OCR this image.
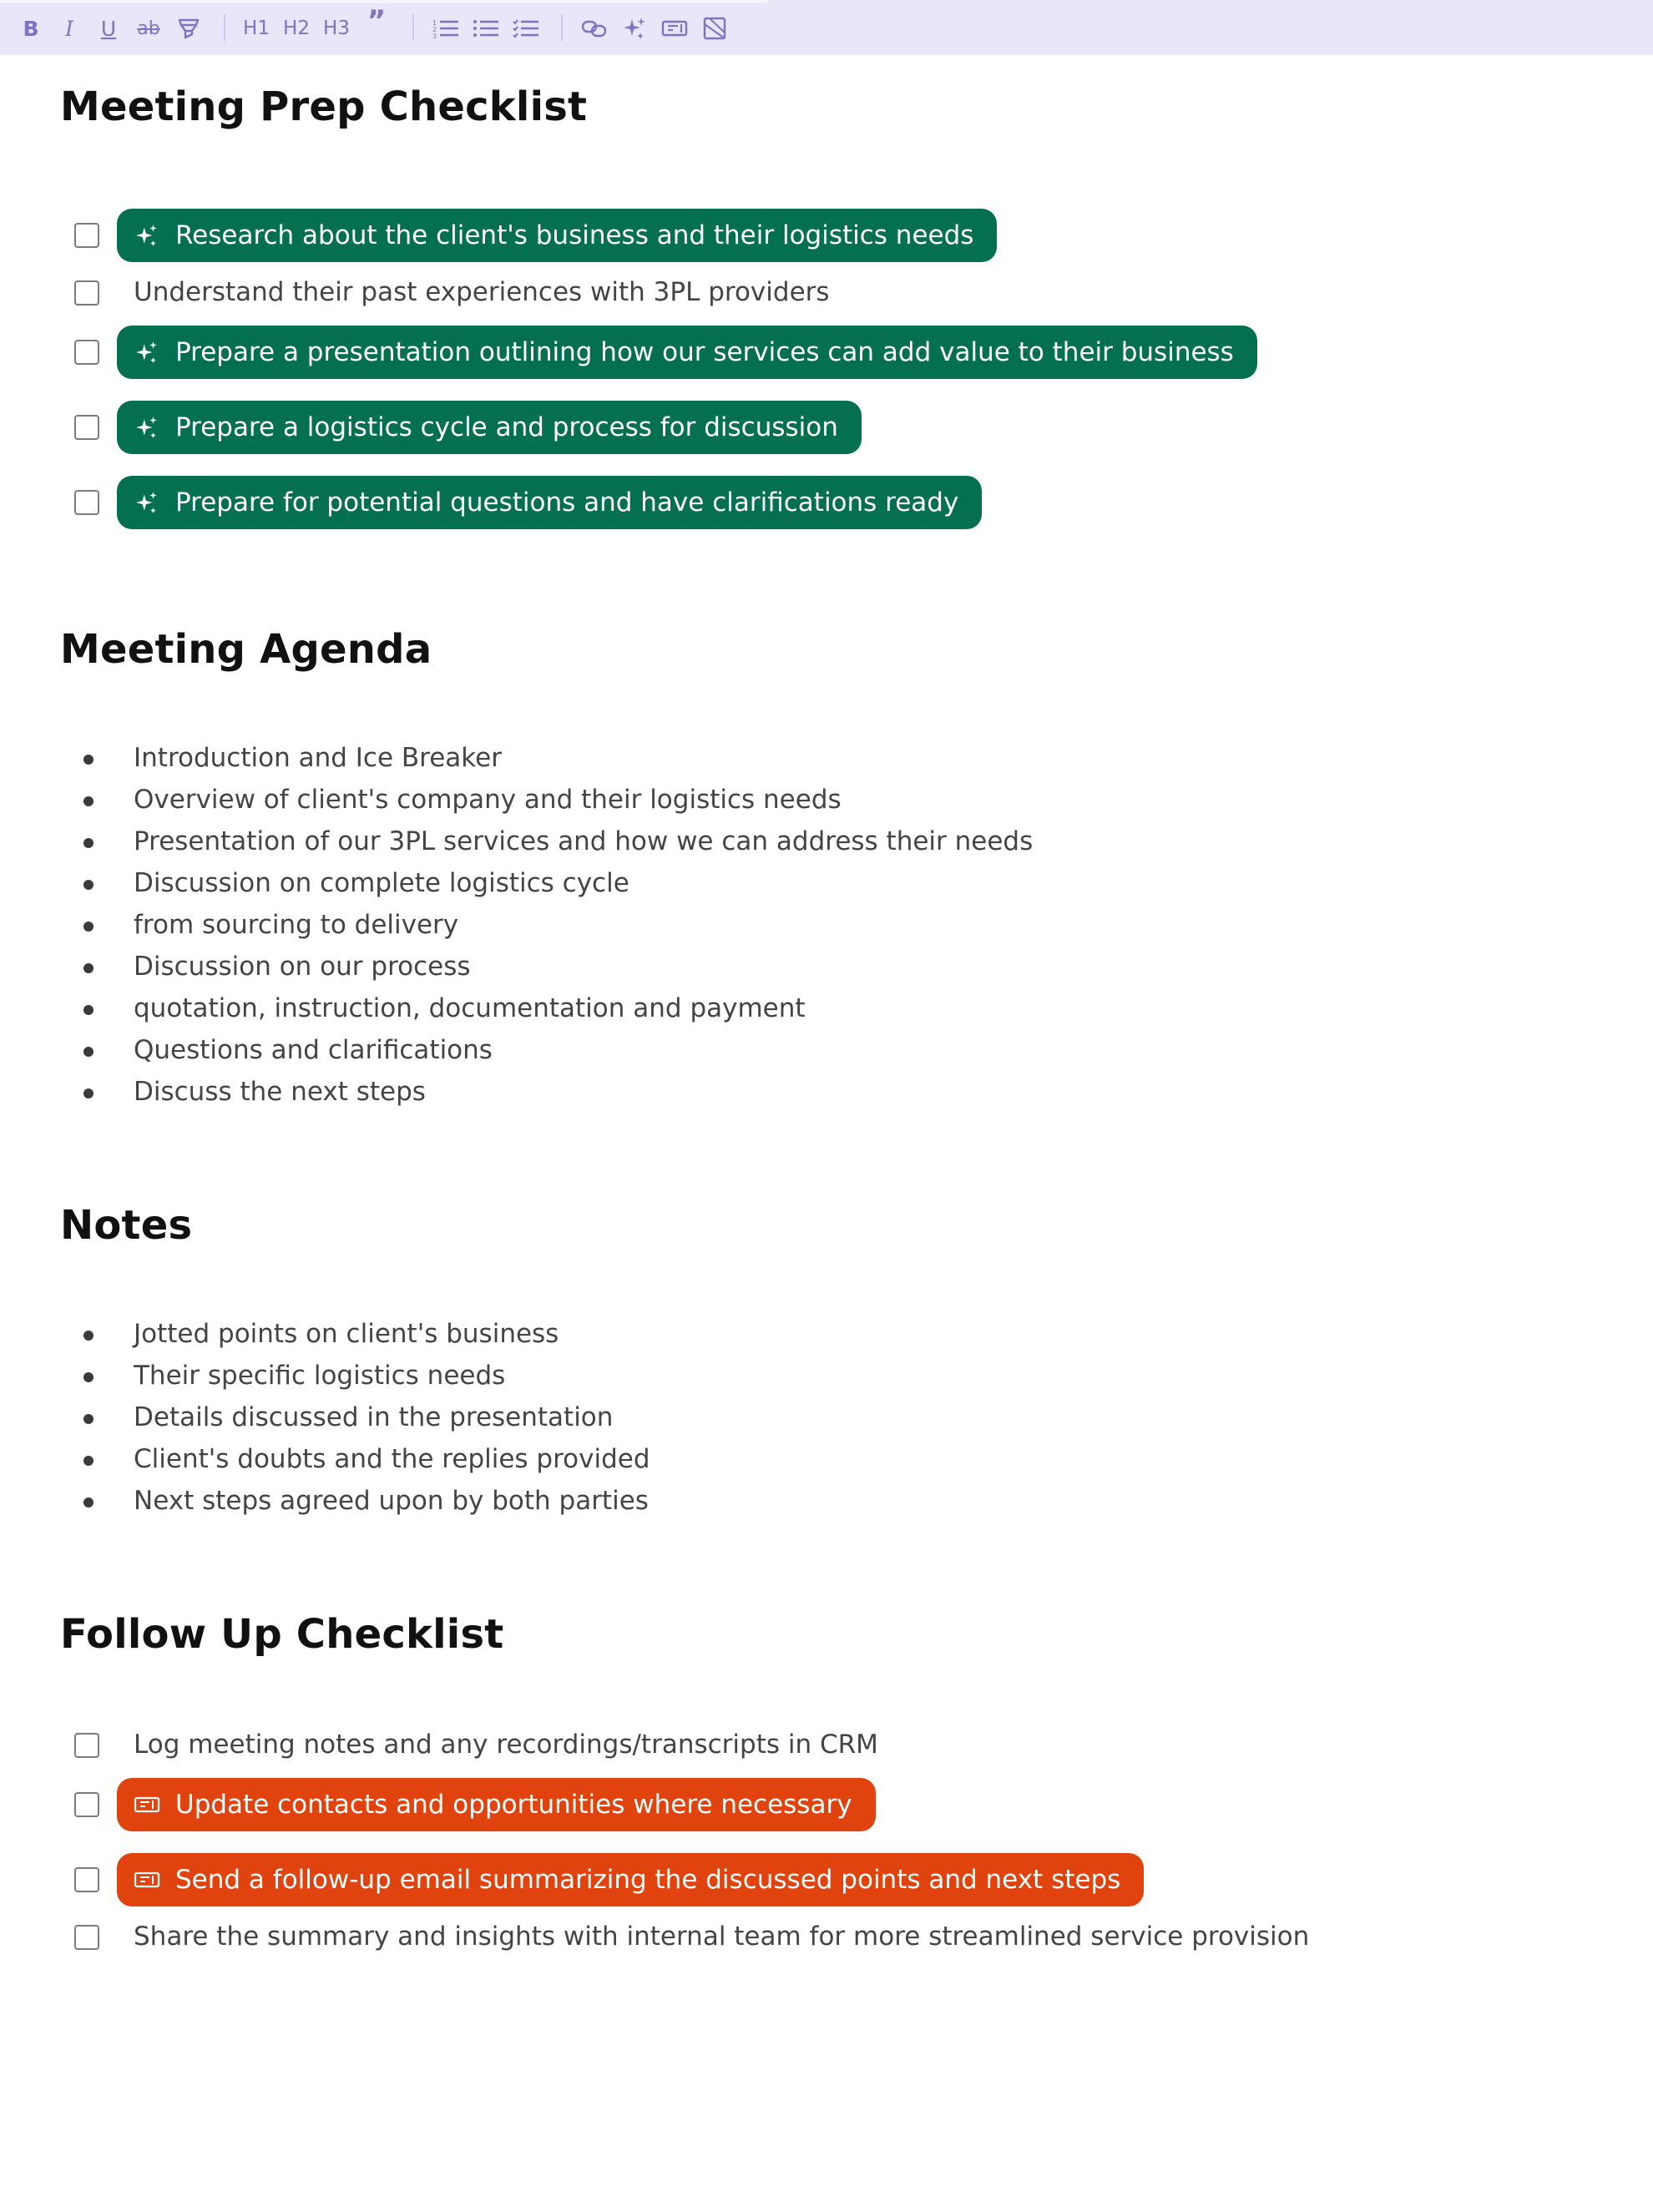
B	I	U ab	H1 H2 H3 ”	1
2
3
Meeting Prep Checklist
Research about the client's business and their logistics needs
Understand their past experiences with 3PL providers
Prepare a presentation outlining how our services can add value to their business
Prepare a logistics cycle and process for discussion
Prepare for potential questions and have clarifications ready
Meeting Agenda
Introduction and Ice Breaker
Overview of client's company and their logistics needs
Presentation of our 3PL services and how we can address their needs
Discussion on complete logistics cycle
from sourcing to delivery
Discussion on our process
quotation, instruction, documentation and payment
Questions and clarifications
Discuss the next steps
Notes
Jotted points on client's business
Their specific logistics needs
Details discussed in the presentation
Client's doubts and the replies provided
Next steps agreed upon by both parties
Follow Up Checklist
Log meeting notes and any recordings/transcripts in CRM
Update contacts and opportunities where necessary
Send a follow-up email summarizing the discussed points and next steps
Share the summary and insights with internal team for more streamlined service provision
